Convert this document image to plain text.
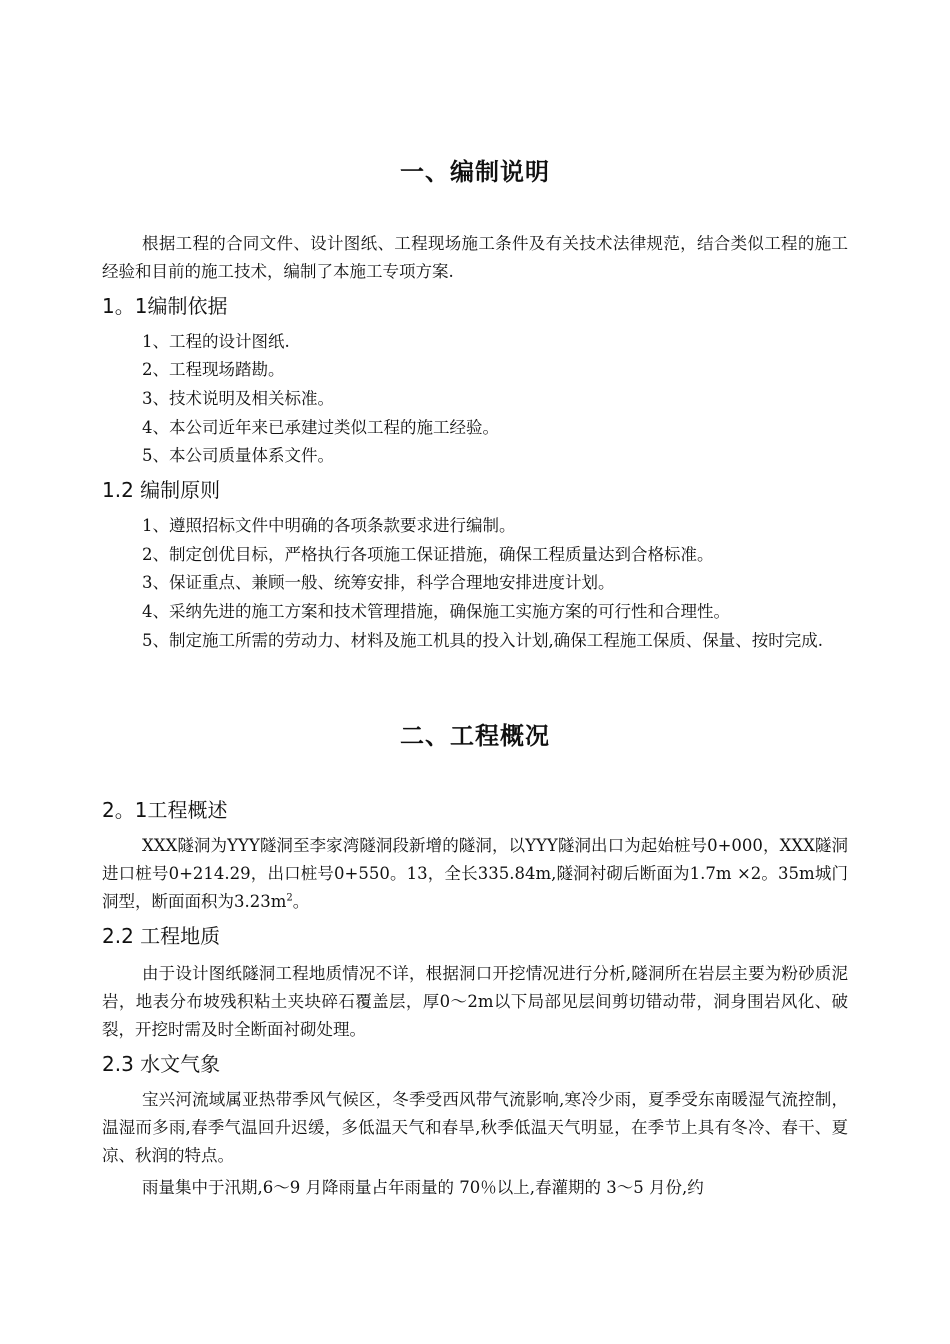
一、编制说明

根据工程的合同文件、设计图纸、工程现场施工条件及有关技术法律规范，结合类似工程的施工经验和目前的施工技术，编制了本施工专项方案.

1。1编制依据
1、工程的设计图纸.
2、工程现场踏勘。
3、技术说明及相关标准。
4、本公司近年来已承建过类似工程的施工经验。
5、本公司质量体系文件。
1.2 编制原则
1、遵照招标文件中明确的各项条款要求进行编制。
2、制定创优目标，严格执行各项施工保证措施，确保工程质量达到合格标准。
3、保证重点、兼顾一般、统筹安排，科学合理地安排进度计划。
4、采纳先进的施工方案和技术管理措施，确保施工实施方案的可行性和合理性。

5、制定施工所需的劳动力、材料及施工机具的投入计划,确保工程施工保质、保量、按时完成.

二、工程概况
2。1工程概述

XXX隧洞为YYY隧洞至李家湾隧洞段新增的隧洞，以YYY隧洞出口为起始桩号0+000，XXX隧洞进口桩号0+214.29，出口桩号0+550。13，全长335.84m,隧洞衬砌后断面为1.7m ×2。35m城门洞型，断面面积为$3.23m^2$。

2.2 工程地质

由于设计图纸隧洞工程地质情况不详，根据洞口开挖情况进行分析,隧洞所在岩层主要为粉砂质泥岩，地表分布坡残积粘土夹块碎石覆盖层，厚0～2m以下局部见层间剪切错动带，洞身围岩风化、破裂，开挖时需及时全断面衬砌处理。

2.3 水文气象

宝兴河流域属亚热带季风气候区，冬季受西风带气流影响,寒冷少雨，夏季受东南暖湿气流控制，温湿而多雨,春季气温回升迟缓，多低温天气和春旱,秋季低温天气明显，在季节上具有冬冷、春干、夏凉、秋润的特点。

雨量集中于汛期,6～9 月降雨量占年雨量的 70％以上,春灌期的 3～5 月份,约
